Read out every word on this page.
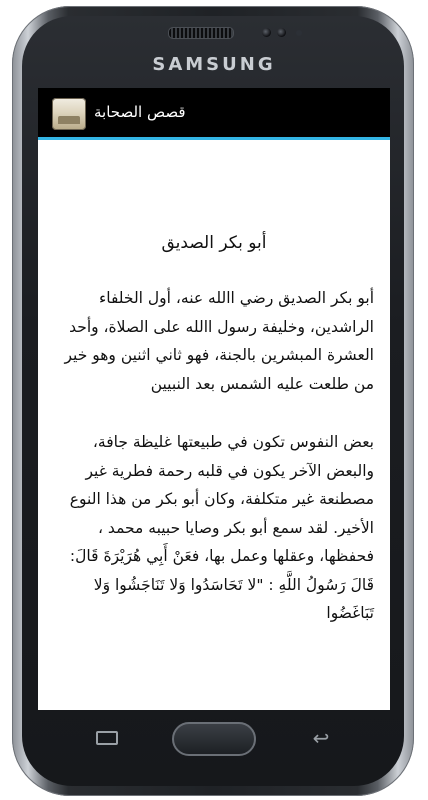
SAMSUNG
قصص الصحابة
أبو بكر الصديق

أبو بكر الصديق رضي االله عنه، أول الخلفاء الراشدين، وخليفة رسول االله على الصلاة، وأحد العشرة المبشرين بالجنة، فهو ثاني اثنين وهو خير من طلعت عليه الشمس بعد النبيين

بعض النفوس تكون في طبيعتها غليظة جافة، والبعض الآخر يكون في قلبه رحمة فطرية غير مصطنعة غير متكلفة، وكان أبو بكر من هذا النوع الأخير. لقد سمع أبو بكر وصايا حبيبه محمد ، فحفظها، وعقلها وعمل بها، فعَنْ أَبِي هُرَيْرَةَ قَالَ: قَالَ رَسُولُ اللَّهِ : "لا تَحَاسَدُوا وَلا تَنَاجَشُوا وَلا تَبَاغَضُوا

↩
